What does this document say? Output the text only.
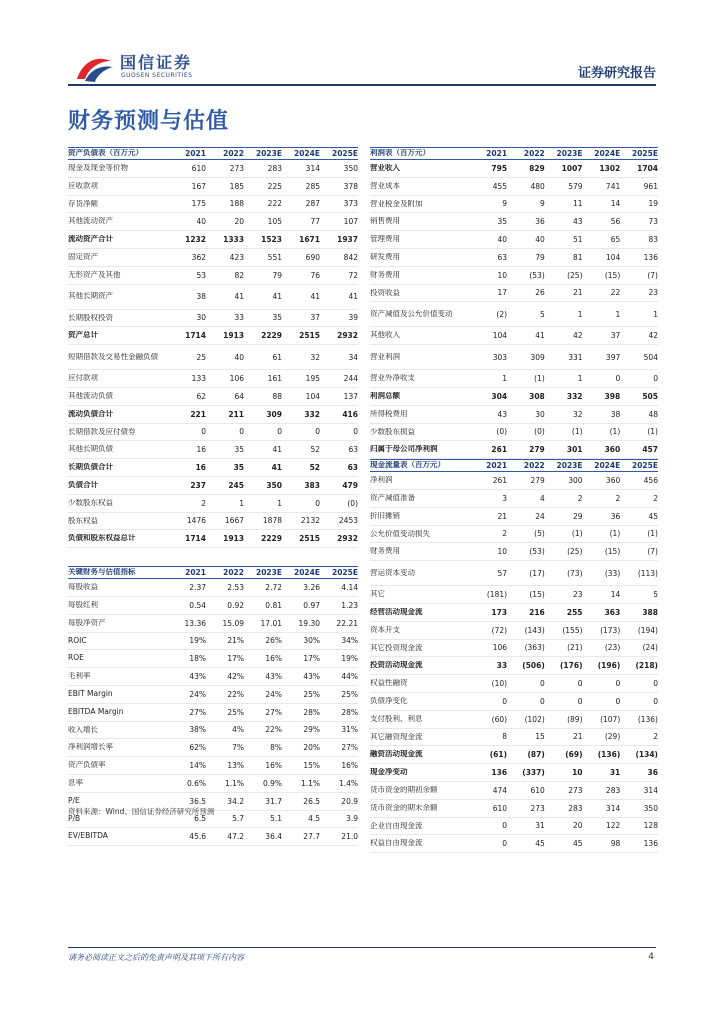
国信证券
GUOSEN SECURITIES	证券研究报告
财务预测与估值
资产负债表（百万元）	2021	2022	2023E	2024E	2025E
现金及现金等价物	610	273	283	314	350
应收款项	167	185	225	285	378
存货净额	175	188	222	287	373
其他流动资产	40	20	105	77	107
流动资产合计	1232	1333	1523	1671	1937
固定资产	362	423	551	690	842
无形资产及其他	53	82	79	76	72
其他长期资产	38	41	41	41	41
长期股权投资	30	33	35	37	39
资产总计	1714	1913	2229	2515	2932
短期借款及交易性金融负债	25	40	61	32	34
应付款项	133	106	161	195	244
其他流动负债	62	64	88	104	137
流动负债合计	221	211	309	332	416
长期借款及应付债券	0	0	0	0	0
其他长期负债	16	35	41	52	63
长期负债合计	16	35	41	52	63
负债合计	237	245	350	383	479
少数股东权益	2	1	1	0	(0)
股东权益	1476	1667	1878	2132	2453
负债和股东权益总计	1714	1913	2229	2515	2932
关键财务与估值指标	2021	2022	2023E	2024E	2025E
每股收益	2.37	2.53	2.72	3.26	4.14
每股红利	0.54	0.92	0.81	0.97	1.23
每股净资产	13.36	15.09	17.01	19.30	22.21
ROIC	19%	21%	26%	30%	34%
ROE	18%	17%	16%	17%	19%
毛利率	43%	42%	43%	43%	44%
EBIT Margin	24%	22%	24%	25%	25%
EBITDA Margin	27%	25%	27%	28%	28%
收入增长	38%	4%	22%	29%	31%
净利润增长率	62%	7%	8%	20%	27%
资产负债率	14%	13%	16%	15%	16%
息率	0.6%	1.1%	0.9%	1.1%	1.4%
P/E	36.5	34.2	31.7	26.5	20.9
P/B	6.5	5.7	5.1	4.5	3.9
EV/EBITDA	45.6	47.2	36.4	27.7	21.0
利润表（百万元）	2021	2022	2023E	2024E	2025E
营业收入	795	829	1007	1302	1704
营业成本	455	480	579	741	961
营业税金及附加	9	9	11	14	19
销售费用	35	36	43	56	73
管理费用	40	40	51	65	83
研发费用	63	79	81	104	136
财务费用	10	(53)	(25)	(15)	(7)
投资收益	17	26	21	22	23
资产减值及公允价值变动	(2)	5	1	1	1
其他收入	104	41	42	37	42
营业利润	303	309	331	397	504
营业外净收支	1	(1)	1	0	0
利润总额	304	308	332	398	505
所得税费用	43	30	32	38	48
少数股东损益	(0)	(0)	(1)	(1)	(1)
归属于母公司净利润	261	279	301	360	457
现金流量表（百万元）	2021	2022	2023E	2024E	2025E
净利润	261	279	300	360	456
资产减值准备	3	4	2	2	2
折旧摊销	21	24	29	36	45
公允价值变动损失	2	(5)	(1)	(1)	(1)
财务费用	10	(53)	(25)	(15)	(7)
营运资本变动	57	(17)	(73)	(33)	(113)
其它	(181)	(15)	23	14	5
经营活动现金流	173	216	255	363	388
资本开支	(72)	(143)	(155)	(173)	(194)
其它投资现金流	106	(363)	(21)	(23)	(24)
投资活动现金流	33	(506)	(176)	(196)	(218)
权益性融资	(10)	0	0	0	0
负债净变化	0	0	0	0	0
支付股利、利息	(60)	(102)	(89)	(107)	(136)
其它融资现金流	8	15	21	(29)	2
融资活动现金流	(61)	(87)	(69)	(136)	(134)
现金净变动	136	(337)	10	31	36
货币资金的期初余额	474	610	273	283	314
货币资金的期末余额	610	273	283	314	350
企业自由现金流	0	31	20	122	128
权益自由现金流	0	45	45	98	136
资料来源：Wind、国信证券经济研究所预测
请务必阅读正文之后的免责声明及其项下所有内容	4
